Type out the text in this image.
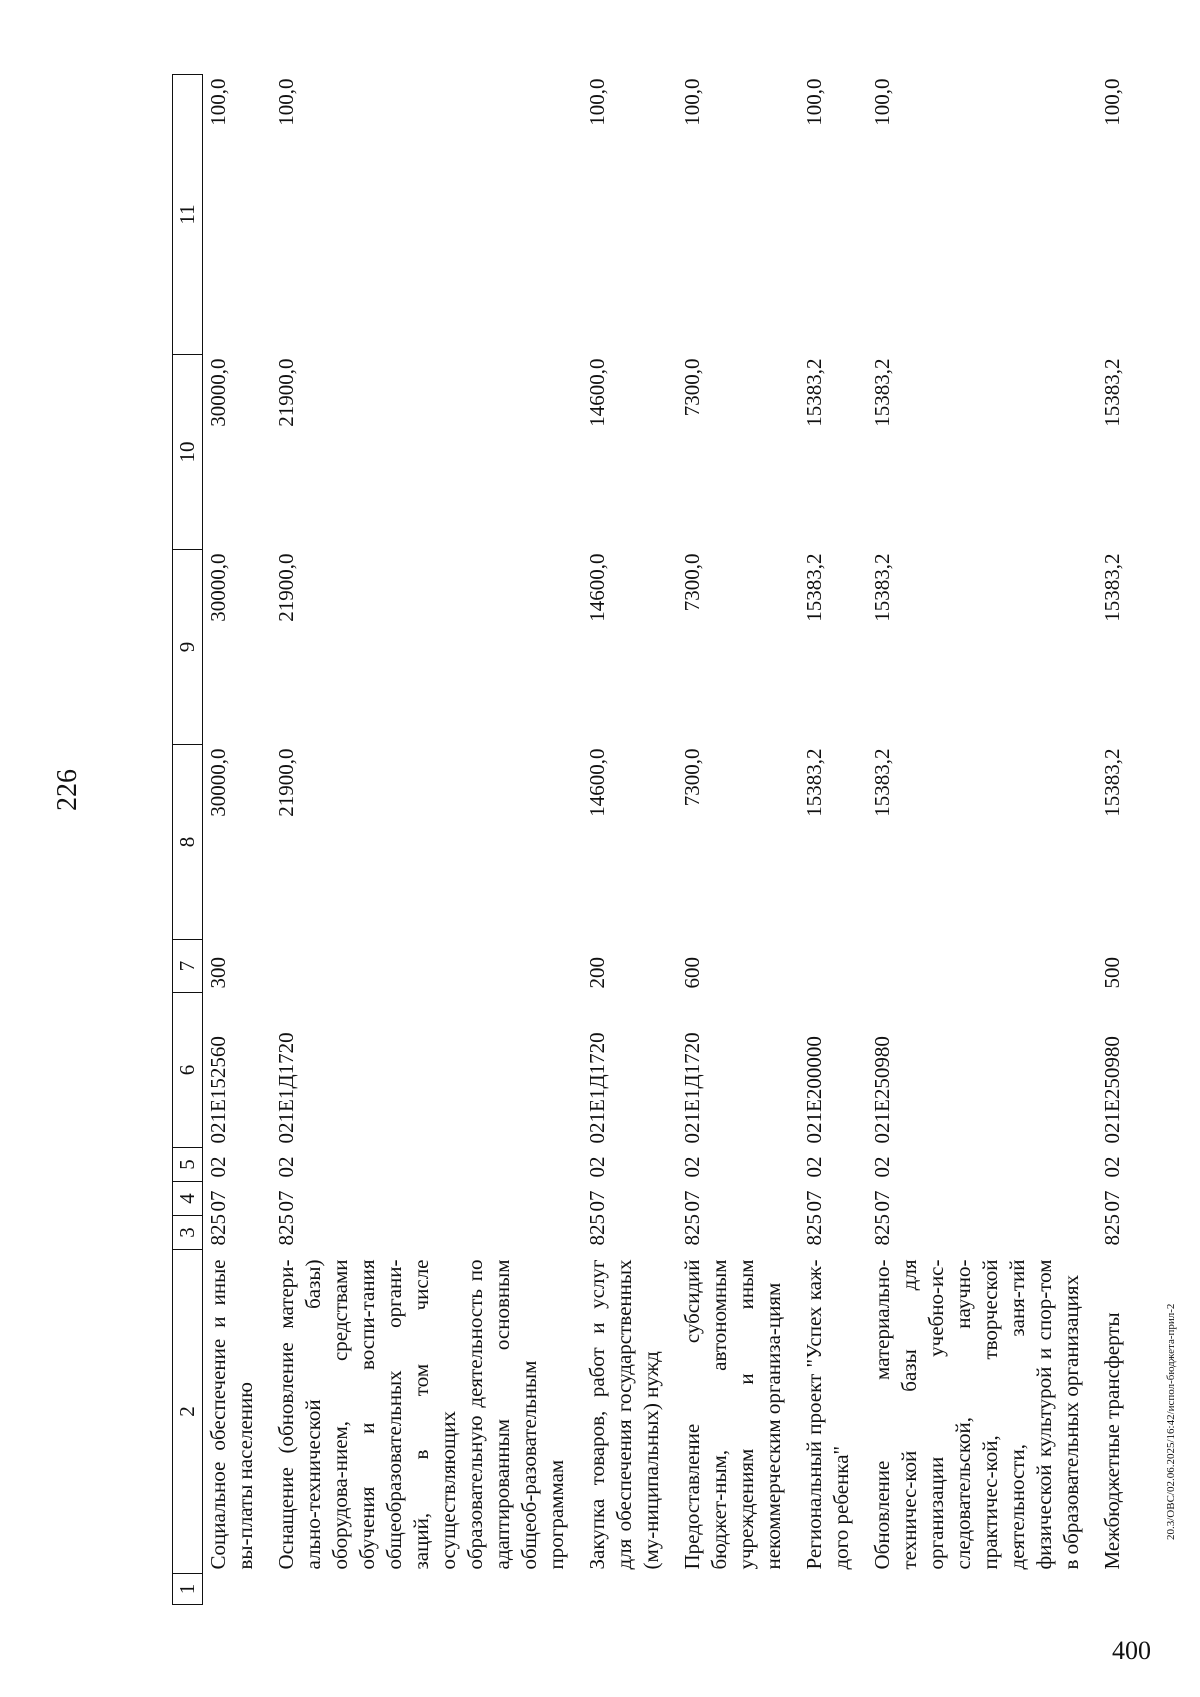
226
1	2	3	4	5	6	7	8	9	10	11
	Социальное обеспечение и иные вы-платы населению	825	07	02	021Е152560	300	30000,0	30000,0	30000,0	100,0
	Оснащение (обновление матери-ально-технической базы) оборудова-нием, средствами обучения и воспи-тания общеобразовательных органи-заций, в том числе осуществляющих образовательную деятельность по адаптированным основным общеоб-разовательным программам	825	07	02	021Е1Д1720		21900,0	21900,0	21900,0	100,0
	Закупка товаров, работ и услуг для обеспечения государственных (му-ниципальных) нужд	825	07	02	021Е1Д1720	200	14600,0	14600,0	14600,0	100,0
	Предоставление субсидий бюджет-ным, автономным учреждениям и иным некоммерческим организа-циям	825	07	02	021Е1Д1720	600	7300,0	7300,0	7300,0	100,0
	Региональный проект "Успех каж-дого ребенка"	825	07	02	021Е200000		15383,2	15383,2	15383,2	100,0
	Обновление материально-техничес-кой базы для организации учебно-ис-следовательской, научно-практичес-кой, творческой деятельности, заня-тий физической культурой и спор-том в образовательных организациях	825	07	02	021Е250980		15383,2	15383,2	15383,2	100,0
	Межбюджетные трансферты	825	07	02	021Е250980	500	15383,2	15383,2	15383,2	100,0
20.3/ОВС/02.06.2025/16:42/испол-бюджета-прил-2
400
